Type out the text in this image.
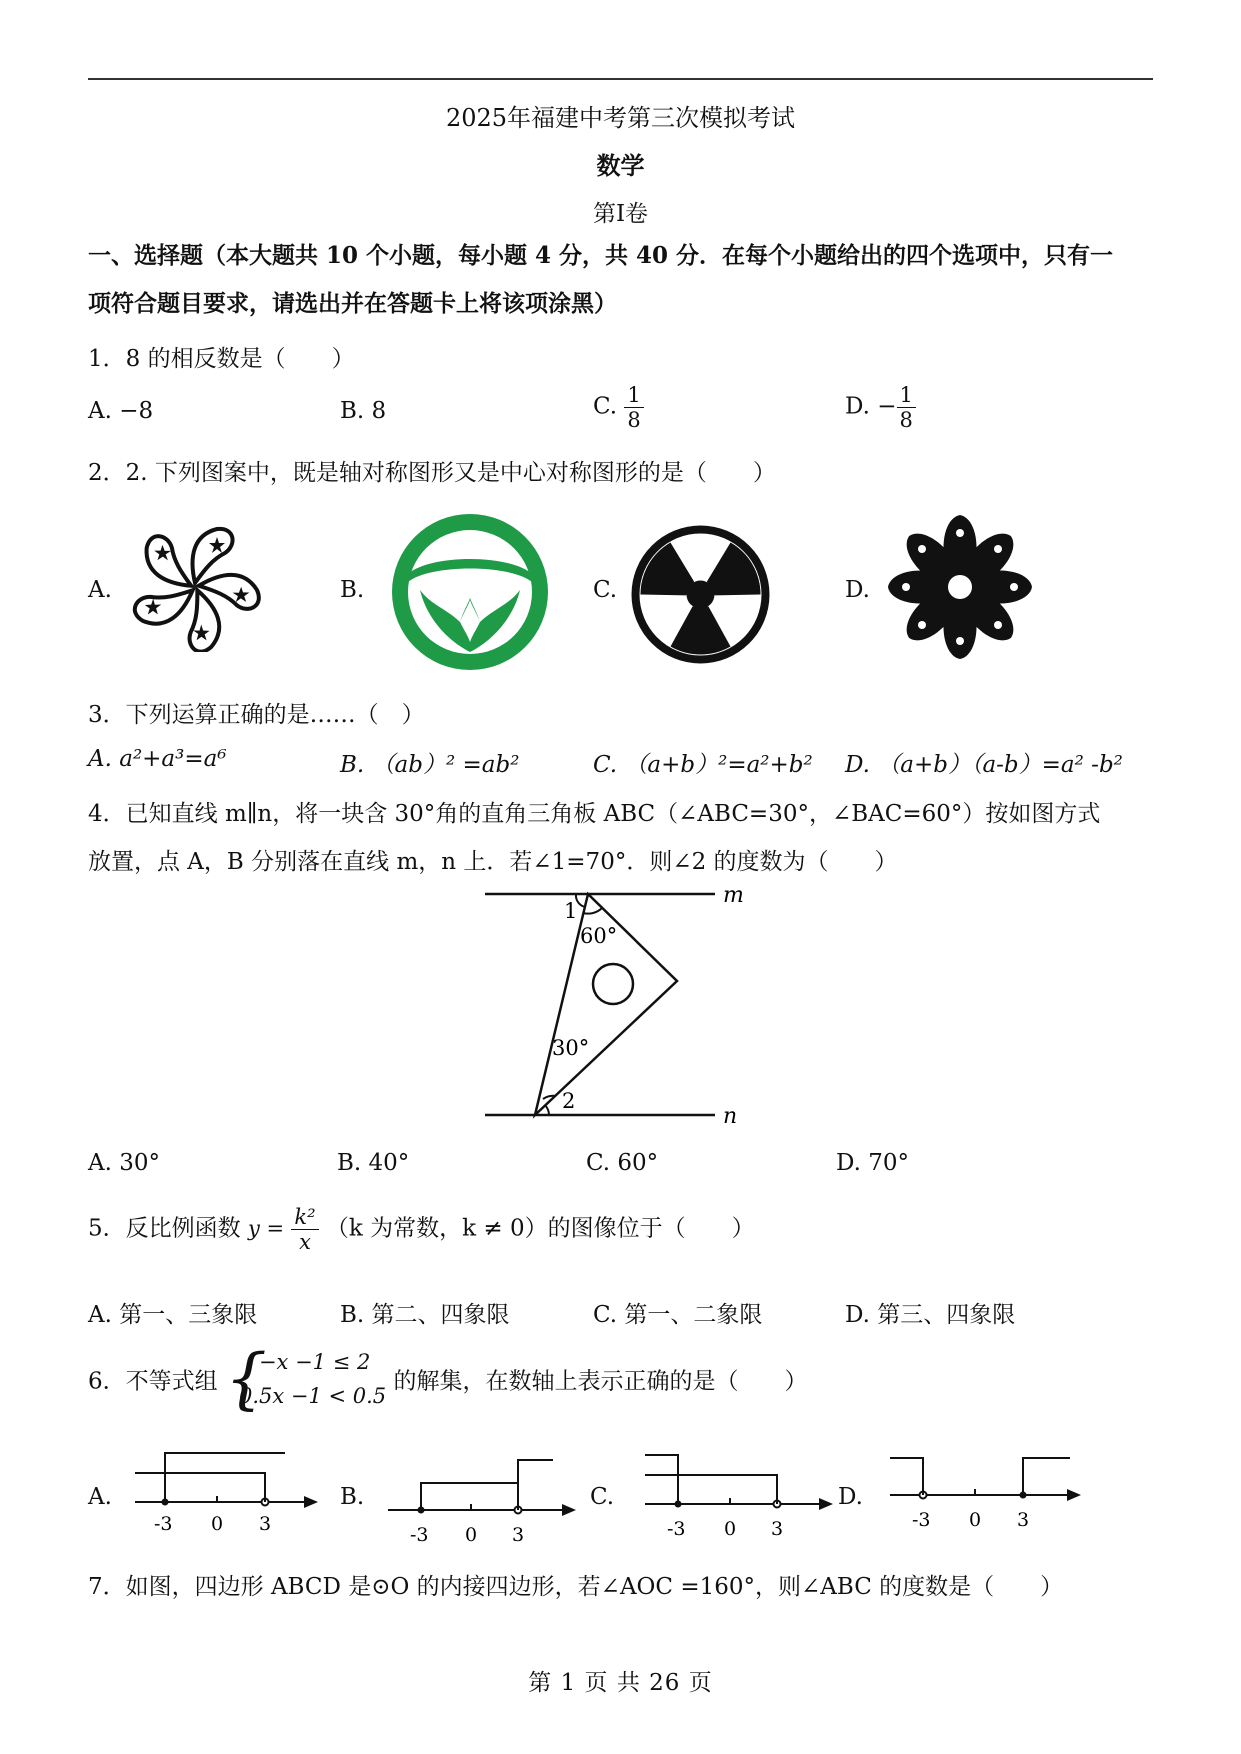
2025年福建中考第三次模拟考试
数学
第I卷
一、选择题（本大题共 10 个小题，每小题 4 分，共 40 分．在每个小题给出的四个选项中，只有一
项符合题目要求，请选出并在答题卡上将该项涂黑）
1．8 的相反数是（　　）
A. −8	B. 8	C. $\frac{1}{8}$	D. − $\frac{1}{8}$
2．2. 下列图案中，既是轴对称图形又是中心对称图形的是（　　）
A.	B.	C.	D.
3．下列运算正确的是……（　）
A. a²+a³=a⁶	B. （ab）² =ab²	C. （a+b）²=a²+b² D. （a+b）（a-b）=a² -b²
4．已知直线 m∥n，将一块含 30°角的直角三角板 ABC（∠ABC=30°，∠BAC=60°）按如图方式
放置，点 A，B 分别落在直线 m，n 上．若∠1=70°．则∠2 的度数为（　　）
m
n
1
60°
30°
2
A. 30°	B. 40°	C. 60°	D. 70°
5．反比例函数 $y = \frac{\text{k²}}{x} (k$ 为常数，k ≠ 0）的图像位于（　　）
A. 第一、三象限	B. 第二、四象限	C. 第一、二象限	D. 第三、四象限
6．不等式组 {
−x −1 ≤ 2
0.5x −1 < 0.5
的解集，在数轴上表示正确的是（　　）
A.
-3 0 3
B.
-3 0 3
C.
-3 0 3
D.
-3 0 3
7．如图，四边形 ABCD 是⊙O 的内接四边形，若∠AOC =160°，则∠ABC 的度数是（　　）
第 1 页 共 26 页
